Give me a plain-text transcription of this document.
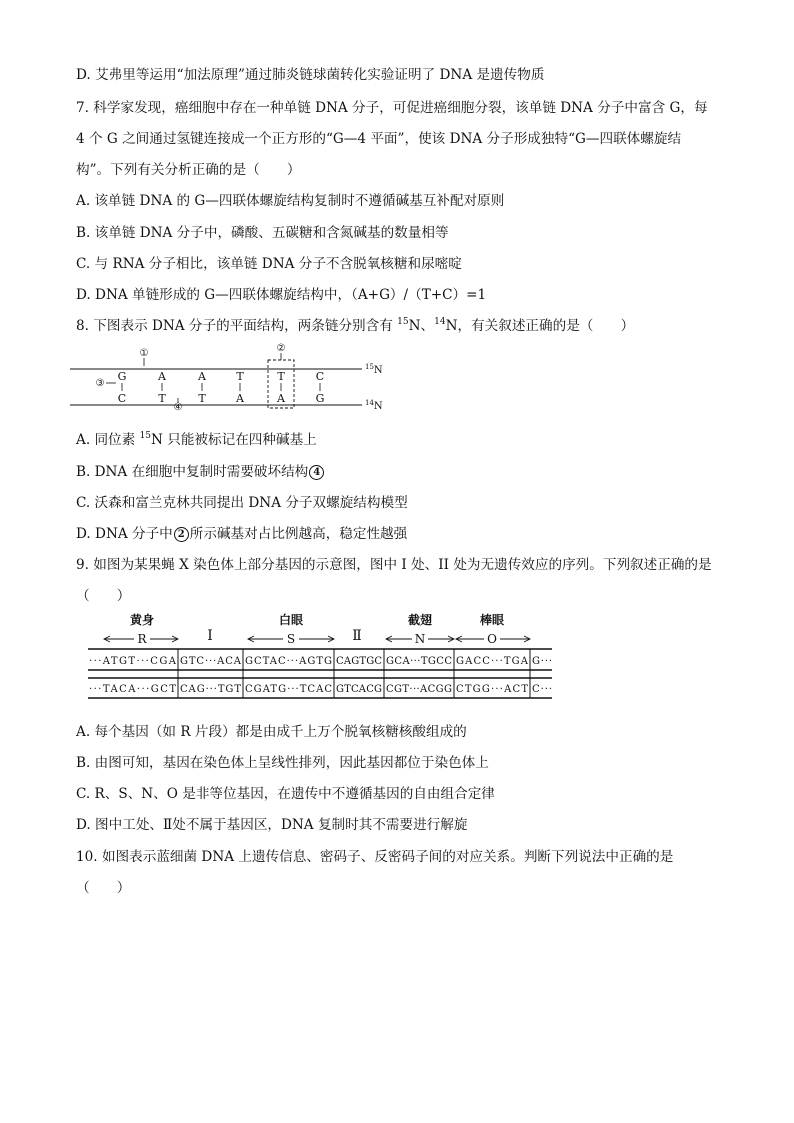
D. 艾弗里等运用“加法原理”通过肺炎链球菌转化实验证明了 DNA 是遗传物质
7. 科学家发现，癌细胞中存在一种单链 DNA 分子，可促进癌细胞分裂，该单链 DNA 分子中富含 G，每
4 个 G 之间通过氢键连接成一个正方形的“G—4 平面”，使该 DNA 分子形成独特“G—四联体螺旋结
构”。下列有关分析正确的是（　　）
A. 该单链 DNA 的 G—四联体螺旋结构复制时不遵循碱基互补配对原则
B. 该单链 DNA 分子中，磷酸、五碳糖和含氮碱基的数量相等
C. 与 RNA 分子相比，该单链 DNA 分子不含脱氧核糖和尿嘧啶
D. DNA 单链形成的 G—四联体螺旋结构中，（A+G）/（T+C）=1
8. 下图表示 DNA 分子的平面结构，两条链分别含有 $^{15}$N、$^{14}$N，有关叙述正确的是（　　）
G	A	A	T	T	C
C	T	T	A	A	G
①	②
③
④
$^{15}$N
$^{14}$N
A. 同位素 $^{15}$N 只能被标记在四种碱基上
B. DNA 在细胞中复制时需要破坏结构 4
C. 沃森和富兰克林共同提出 DNA 分子双螺旋结构模型
D. DNA 分子中 2 所示碱基对占比例越高，稳定性越强
9. 如图为某果蝇 X 染色体上部分基因的示意图，图中 I 处、II 处为无遗传效应的序列。下列叙述正确的是
（　　）
黄身	白眼	截翅	棒眼
I	Ⅱ
R	S	N	O
···ATGT···CGA GTC···ACA GCTAC···AGTG CAGTGC GCA···TGCC GACC···TGA G···
···TACA···GCT CAG···TGT CGATG···TCAC GTCACG CGT···ACGG CTGG···ACT C···
A. 每个基因（如 R 片段）都是由成千上万个脱氧核糖核酸组成的
B. 由图可知，基因在染色体上呈线性排列，因此基因都位于染色体上
C. R、S、N、O 是非等位基因，在遗传中不遵循基因的自由组合定律
D. 图中工处、Ⅱ处不属于基因区，DNA 复制时其不需要进行解旋
10. 如图表示蓝细菌 DNA 上遗传信息、密码子、反密码子间的对应关系。判断下列说法中正确的是
（　　）
